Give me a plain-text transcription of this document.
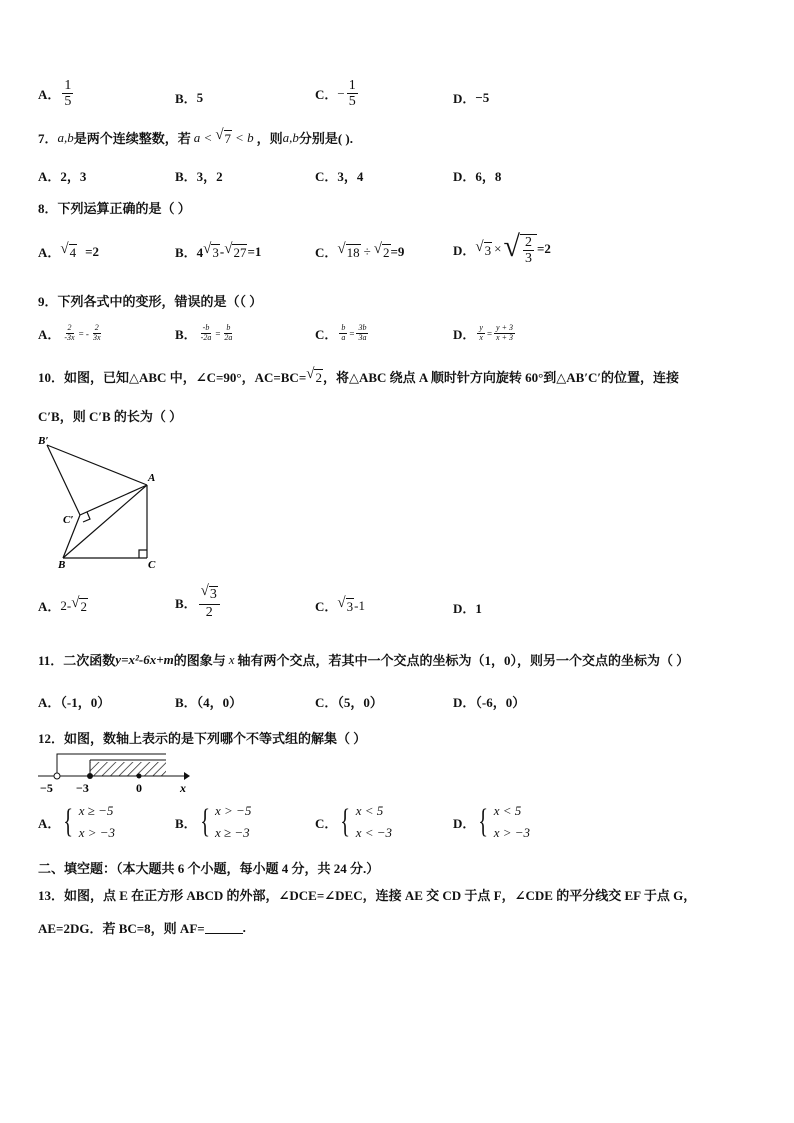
A． $\frac{1}{5}$	B． 5	C． − $\frac{1}{5}$	D． −5
7． a,b 是两个连续整数，若 a < √ 7 < b ，则 a,b 分别是( ).
A．2，3	B．3，2	C．3，4	D．6，8
8．下列运算正确的是（ ）
A． √ 4 =2	B．4 √ 3 - √ 27 =1	C． √ 18 ÷ √ 2 =9	D． √ 3 × √ $\frac{2}{3} =2$
9．下列各式中的变形，错误的是（（ ）
A． $\frac{2}{-3x}$ = - $\frac{2}{3x}$	B． $\frac{-b}{-2a} = \frac{b}{2a}$	C． $\frac{b}{a} = \frac{3b}{3a}$	D． $\frac{y}{x} = \frac{y + 3}{x + 3}$
10．如图，已知△ABC 中，∠C=90°，AC=BC= √ 2 ，将△ABC 绕点 A 顺时针方向旋转 60°到△AB′C′的位置，连接
C′B，则 C′B 的长为（ ）
B′
A
C′
B	C
A． 2- √ 2	B． $\frac{√ 3}{2}$	C． √ 3 -1	D．1
11．二次函数 y=x²-6x+m 的图象与 x 轴有两个交点，若其中一个交点的坐标为（1，0），则另一个交点的坐标为（ ）
A．（-1，0）	B．（4，0）	C．（5，0）	D．（-6，0）
12．如图，数轴上表示的是下列哪个不等式组的解集（ ）
−5 −3	0	x
A． { x ≥ −5
x > −3
B． { x > −5
x ≥ −3
C． { x < 5
x < −3
D． { x < 5
x > −3
二、填空题：（本大题共 6 个小题，每小题 4 分，共 24 分.）
13．如图，点 E 在正方形 ABCD 的外部，∠DCE=∠DEC，连接 AE 交 CD 于点 F，∠CDE 的平分线交 EF 于点 G，
AE=2DG．若 BC=8，则 AF=	.
